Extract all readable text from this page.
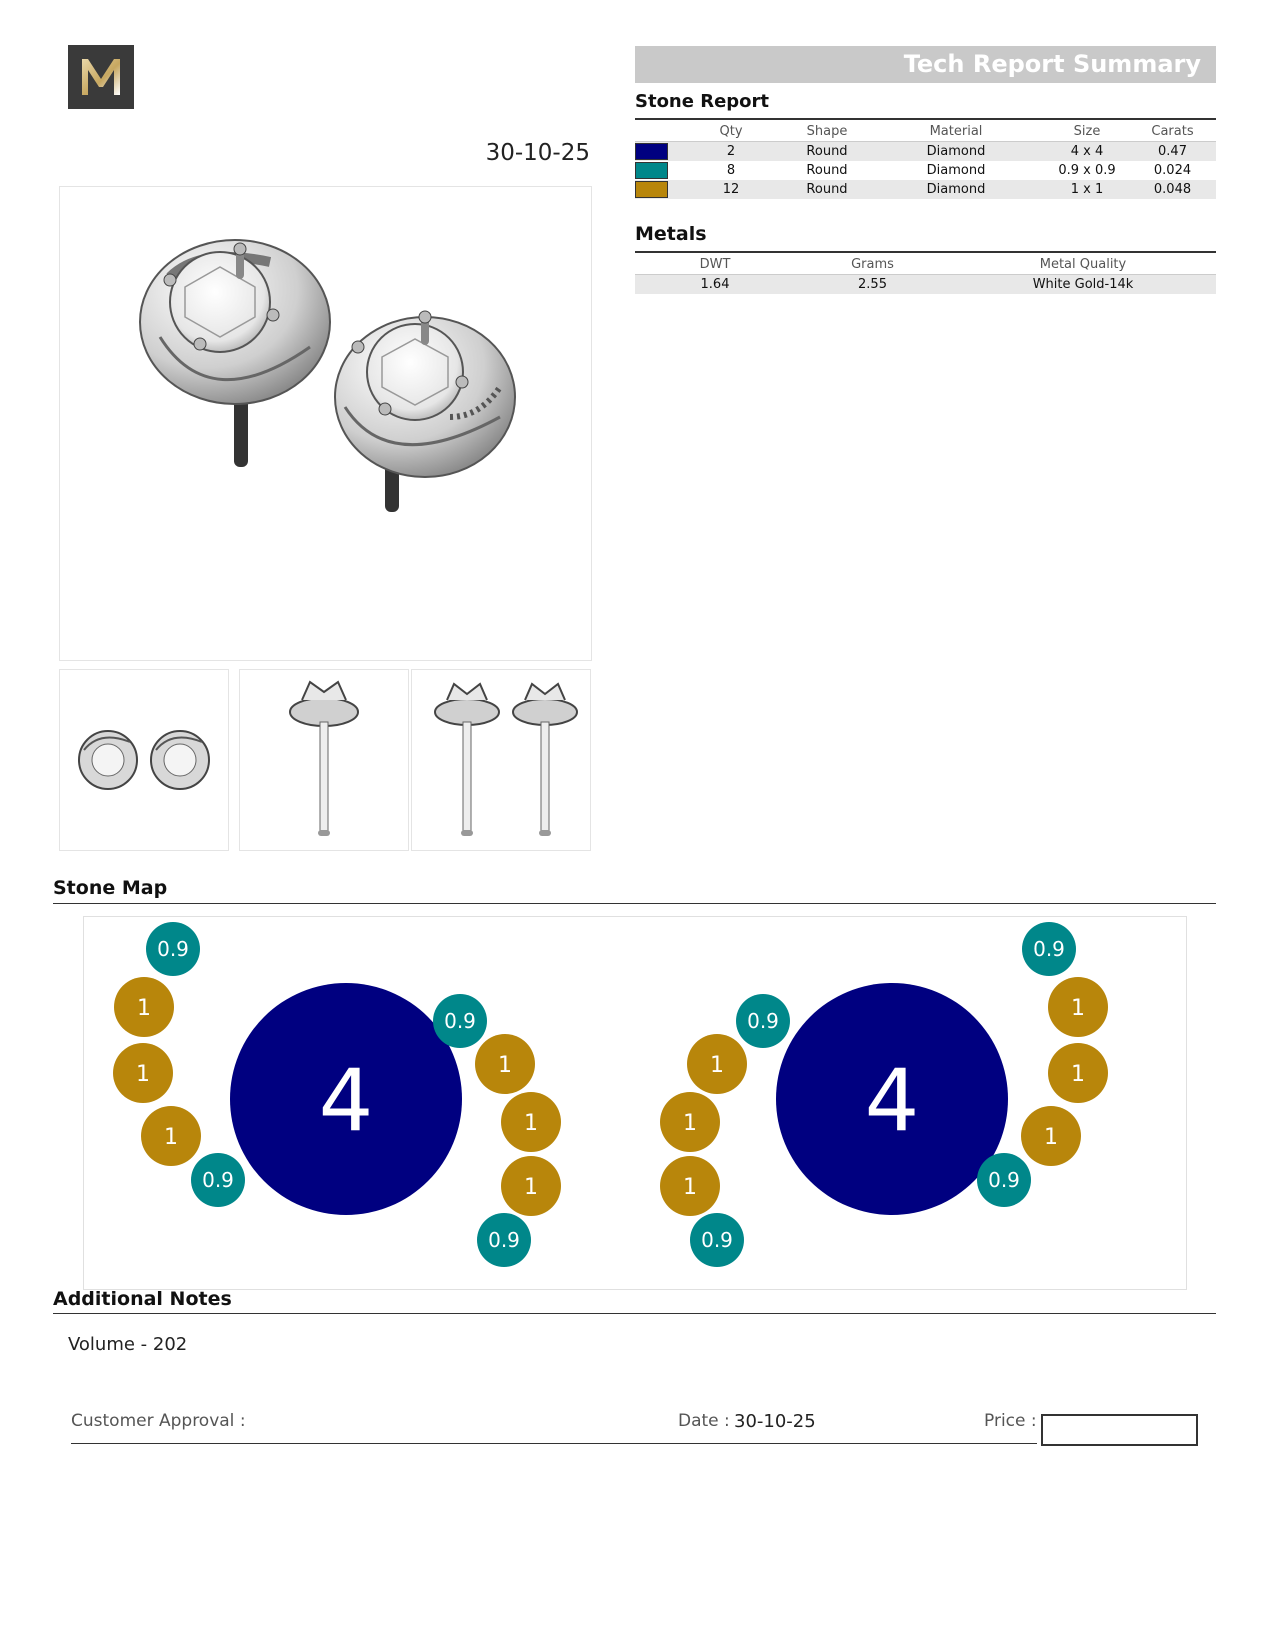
30-10-25
Tech Report Summary
Stone Report
	Qty	Shape	Material	Size	Carats
	2	Round	Diamond	4 x 4	0.47
	8	Round	Diamond	0.9 x 0.9	0.024
	12	Round	Diamond	1 x 1	0.048
Metals
DWT	Grams	Metal Quality
1.64	2.55	White Gold-14k
Stone Map
4
0.9
1
1
1
0.9
0.9
1
1
1
0.9
4
0.9
1
1
1
0.9
0.9
1
1
1
0.9
Additional Notes
Volume - 202
Customer Approval :	Date : 30-10-25	Price :
